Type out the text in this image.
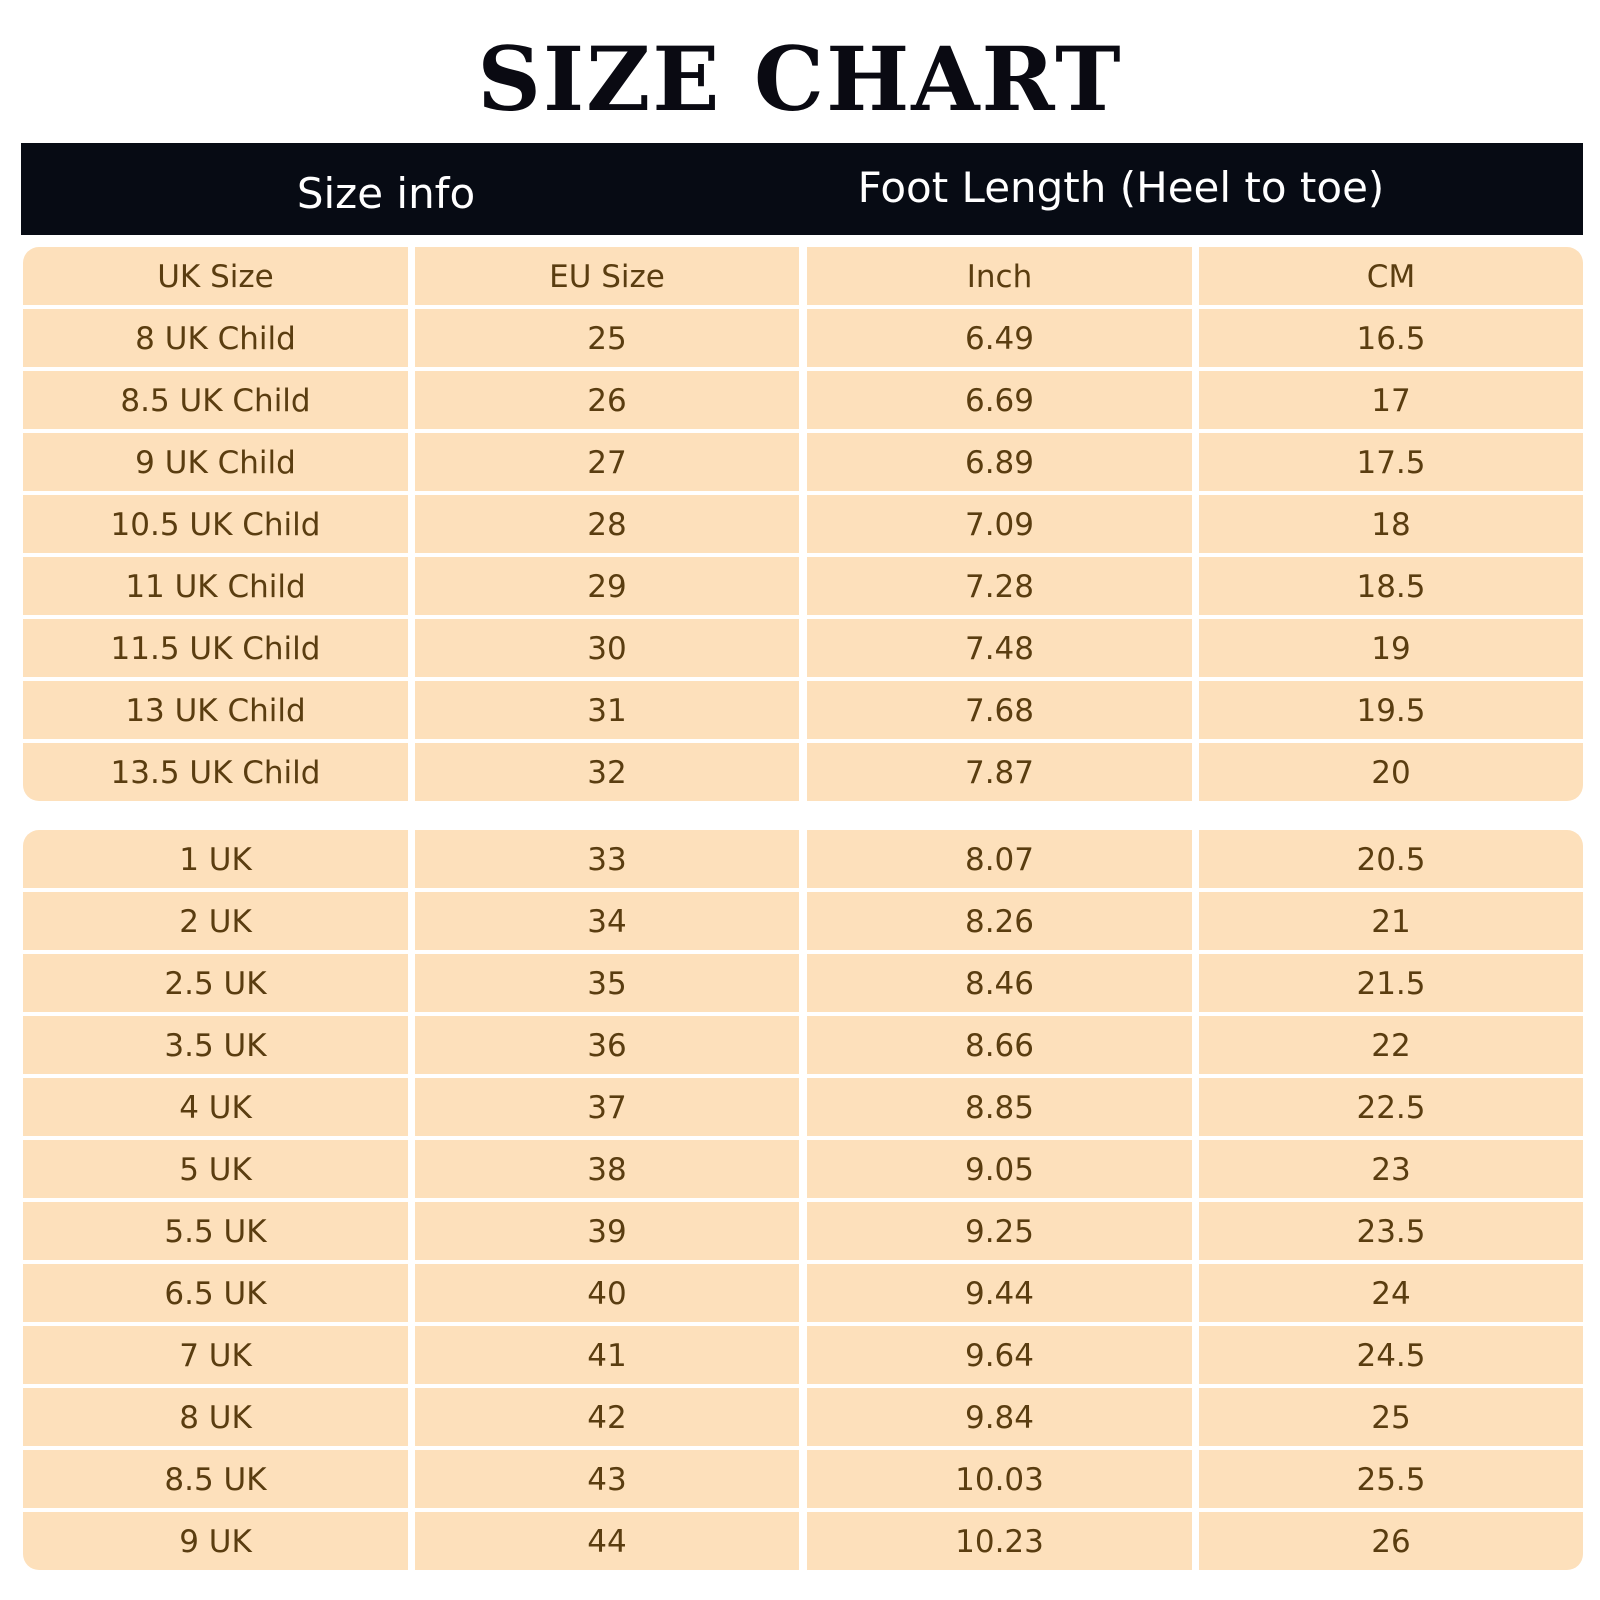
SIZE CHART
Size info	Foot Length (Heel to toe)
UK Size	EU Size	Inch	CM
8 UK Child	25	6.49	16.5
8.5 UK Child	26	6.69	17
9 UK Child	27	6.89	17.5
10.5 UK Child	28	7.09	18
11 UK Child	29	7.28	18.5
11.5 UK Child	30	7.48	19
13 UK Child	31	7.68	19.5
13.5 UK Child	32	7.87	20
1 UK	33	8.07	20.5
2 UK	34	8.26	21
2.5 UK	35	8.46	21.5
3.5 UK	36	8.66	22
4 UK	37	8.85	22.5
5 UK	38	9.05	23
5.5 UK	39	9.25	23.5
6.5 UK	40	9.44	24
7 UK	41	9.64	24.5
8 UK	42	9.84	25
8.5 UK	43	10.03	25.5
9 UK	44	10.23	26
